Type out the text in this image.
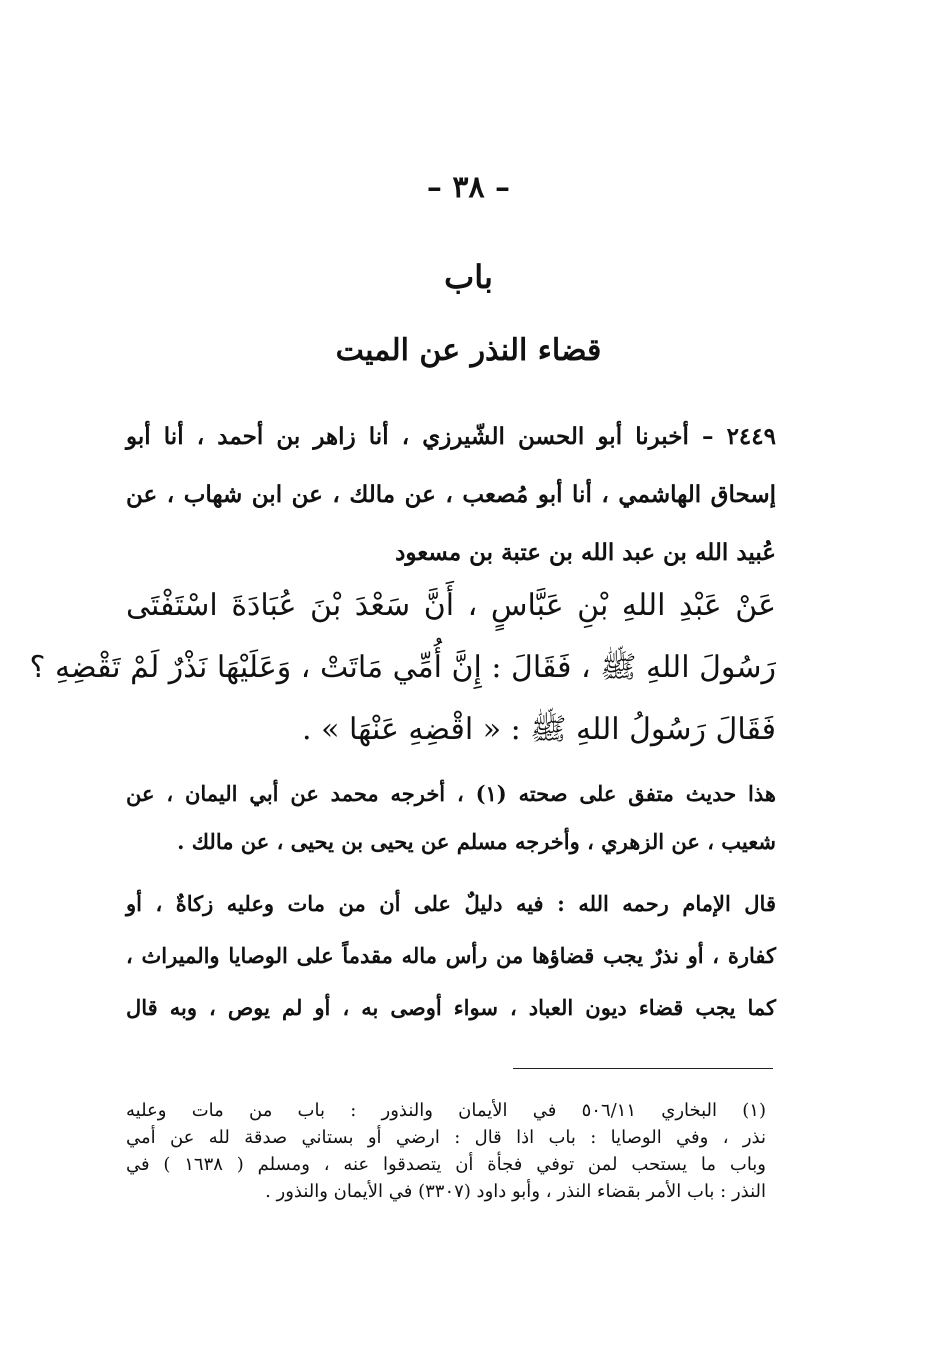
– ٣٨ –
باب
قضاء النذر عن الميت
٢٤٤٩ – أخبرنا أبو الحسن الشّيرزي ، أنا زاهر بن أحمد ، أنا أبو
إسحاق الهاشمي ، أنا أبو مُصعب ، عن مالك ، عن ابن شهاب ، عن
عُبيد الله بن عبد الله بن عتبة بن مسعود
عَنْ عَبْدِ اللهِ بْنِ عَبَّاسٍ ، أَنَّ سَعْدَ بْنَ عُبَادَةَ اسْتَفْتَى
رَسُولَ اللهِ ﷺ ، فَقَالَ : إِنَّ أُمِّي مَاتَتْ ، وَعَلَيْهَا نَذْرٌ لَمْ تَقْضِهِ ؟
فَقَالَ رَسُولُ اللهِ ﷺ : « اقْضِهِ عَنْهَا » .
هذا حديث متفق على صحته (١) ، أخرجه محمد عن أبي اليمان ، عن
شعيب ، عن الزهري ، وأخرجه مسلم عن يحيى بن يحيى ، عن مالك .
قال الإمام رحمه الله : فيه دليلٌ على أن من مات وعليه زكاةٌ ، أو
كفارة ، أو نذرٌ يجب قضاؤها من رأس ماله مقدماً على الوصايا والميراث ،
كما يجب قضاء ديون العباد ، سواء أوصى به ، أو لم يوص ، وبه قال
(١) البخاري ٥٠٦/١١ في الأيمان والنذور : باب من مات وعليه
نذر ، وفي الوصايا : باب اذا قال : ارضي أو بستاني صدقة لله عن أمي
وباب ما يستحب لمن توفي فجأة أن يتصدقوا عنه ، ومسلم ( ١٦٣٨ ) في
النذر : باب الأمر بقضاء النذر ، وأبو داود (٣٣٠٧) في الأيمان والنذور .
